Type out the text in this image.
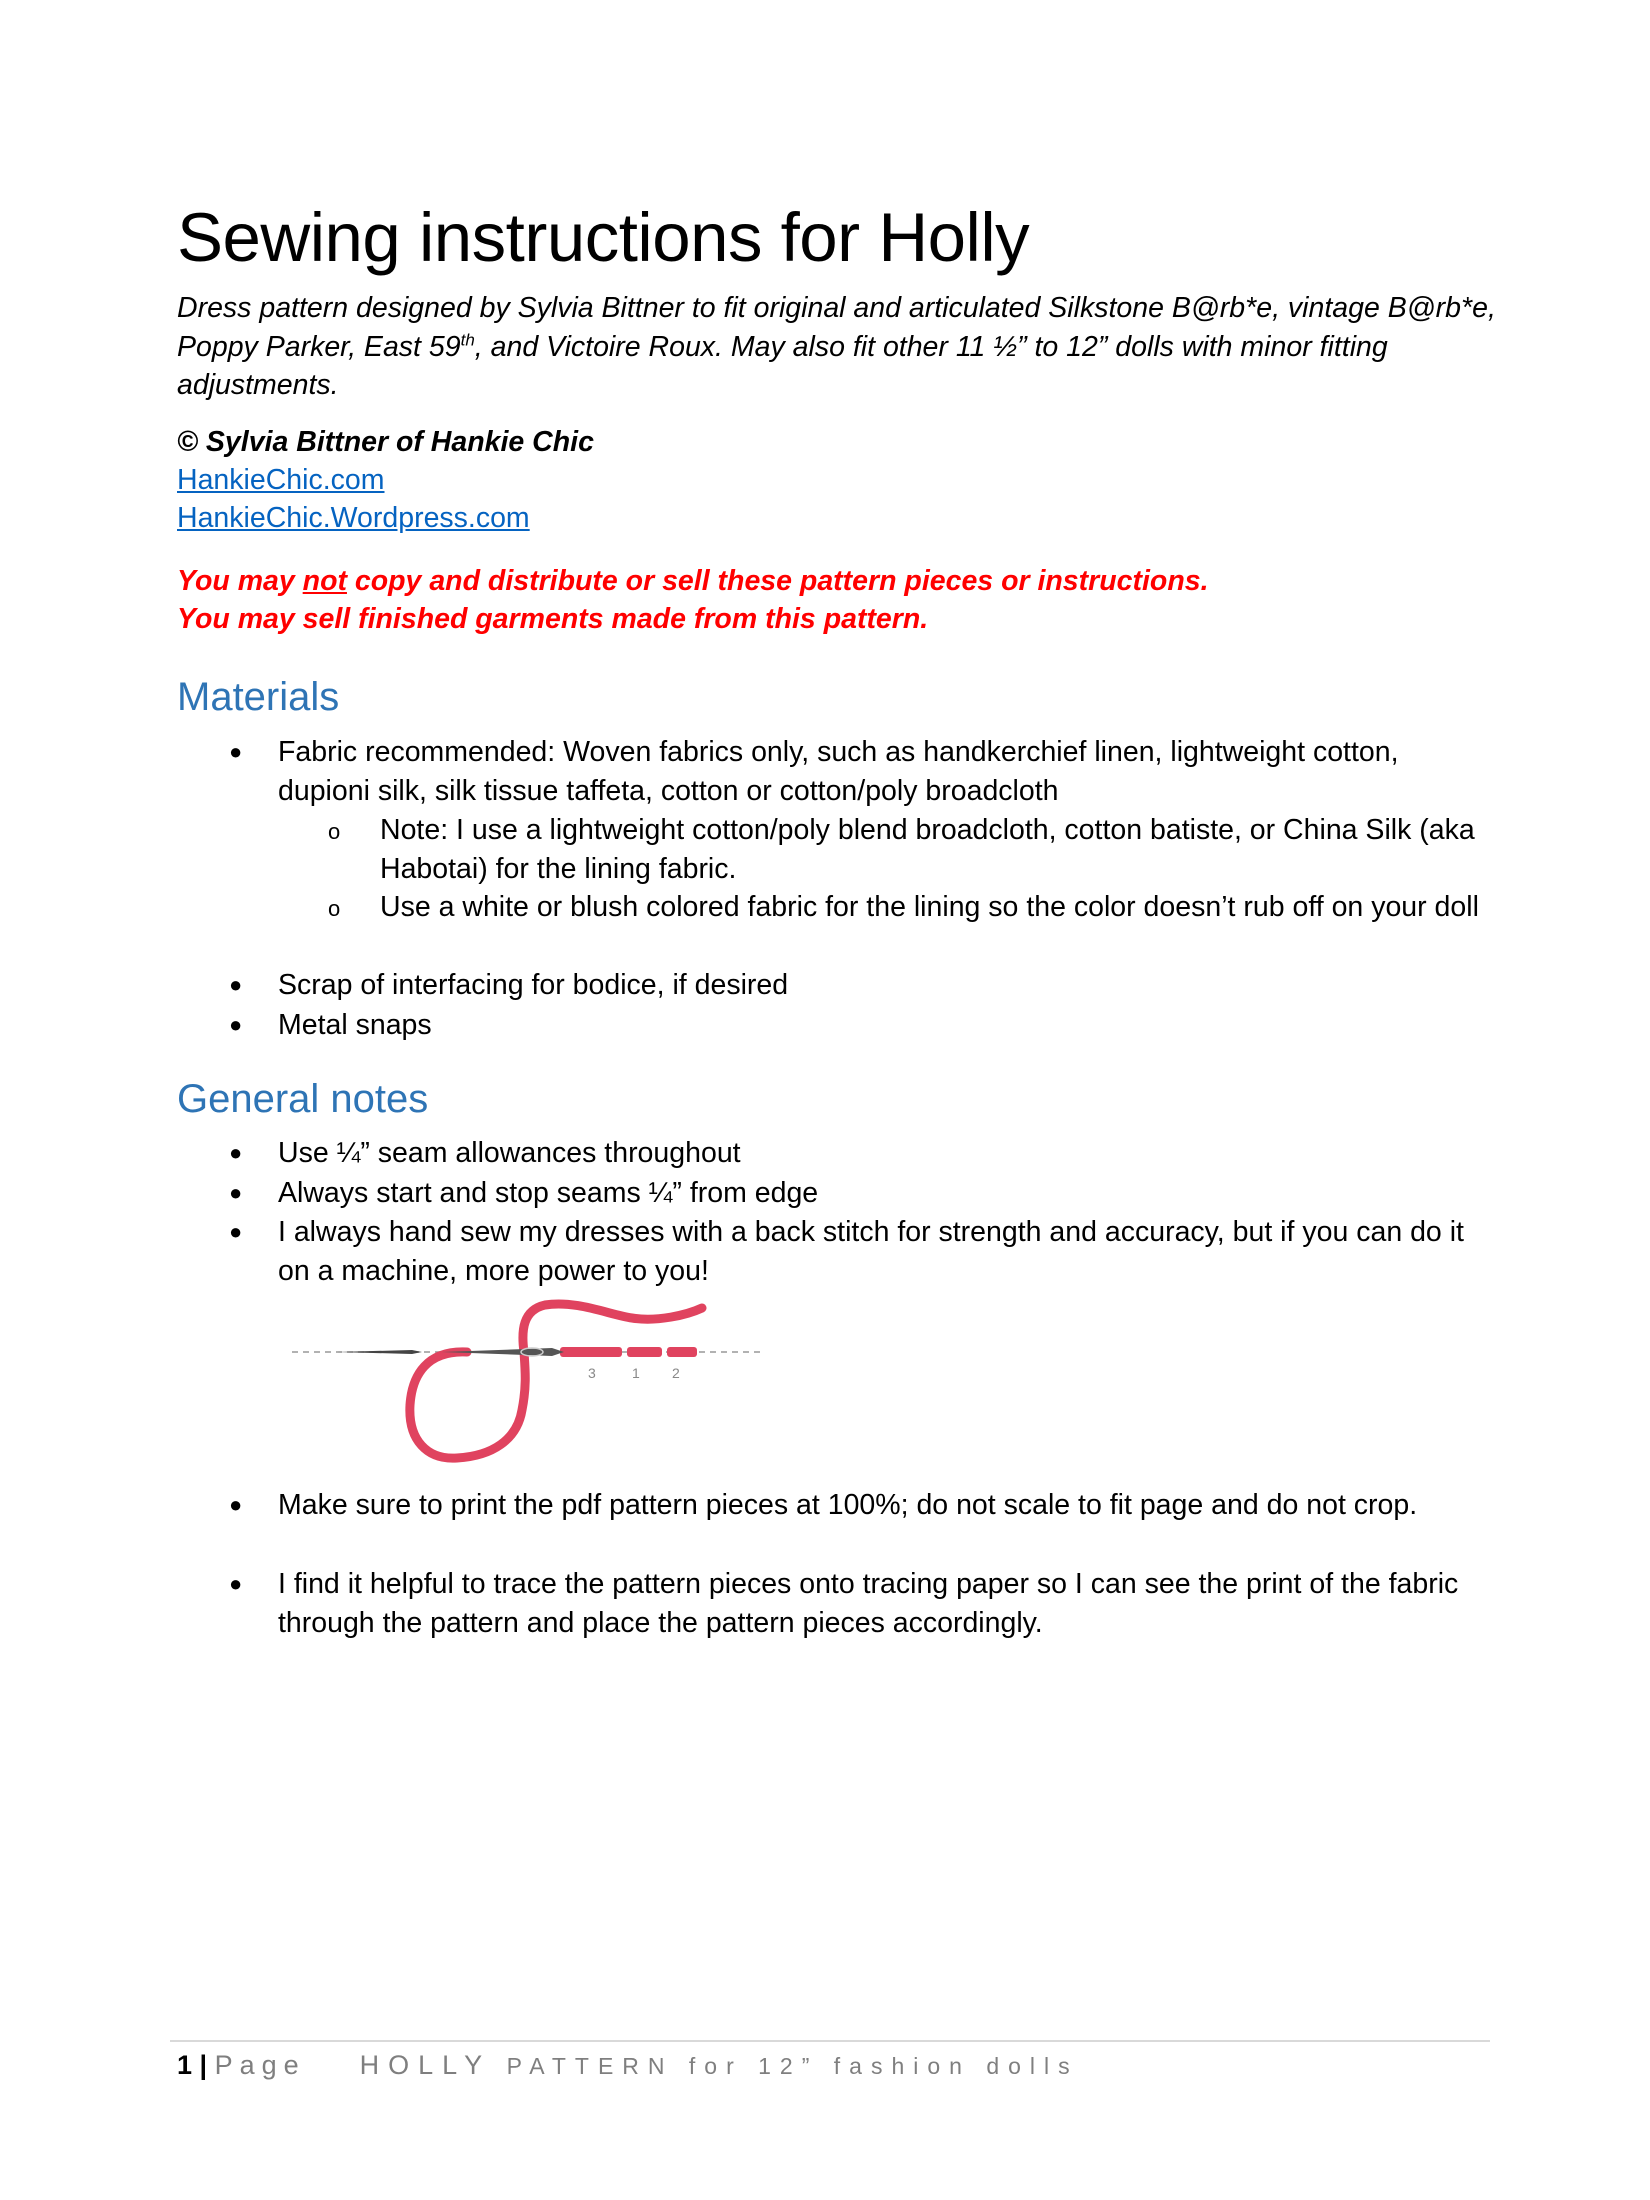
Sewing instructions for Holly

Dress pattern designed by Sylvia Bittner to fit original and articulated Silkstone B@rb*e, vintage B@rb*e, Poppy Parker, East 59th, and Victoire Roux. May also fit other 11 ½” to 12” dolls with minor fitting adjustments.

© Sylvia Bittner of Hankie Chic

HankieChic.com
HankieChic.Wordpress.com

You may not copy and distribute or sell these pattern pieces or instructions.
You may sell finished garments made from this pattern.

Materials
● Fabric recommended: Woven fabrics only, such as handkerchief linen, lightweight cotton, dupioni silk, silk tissue taffeta, cotton or cotton/poly broadcloth
o Note: I use a lightweight cotton/poly blend broadcloth, cotton batiste, or China Silk (aka Habotai) for the lining fabric.
o Use a white or blush colored fabric for the lining so the color doesn’t rub off on your doll
● Scrap of interfacing for bodice, if desired
● Metal snaps
General notes
● Use ¼” seam allowances throughout
● Always start and stop seams ¼” from edge
● I always hand sew my dresses with a back stitch for strength and accuracy, but if you can do it on a machine, more power to you!
● Make sure to print the pdf pattern pieces at 100%; do not scale to fit page and do not crop.
● I find it helpful to trace the pattern pieces onto tracing paper so I can see the print of the fabric through the pattern and place the pattern pieces accordingly.
3	1 2
1 | Page HOLLY PATTERN for 12” fashion dolls
